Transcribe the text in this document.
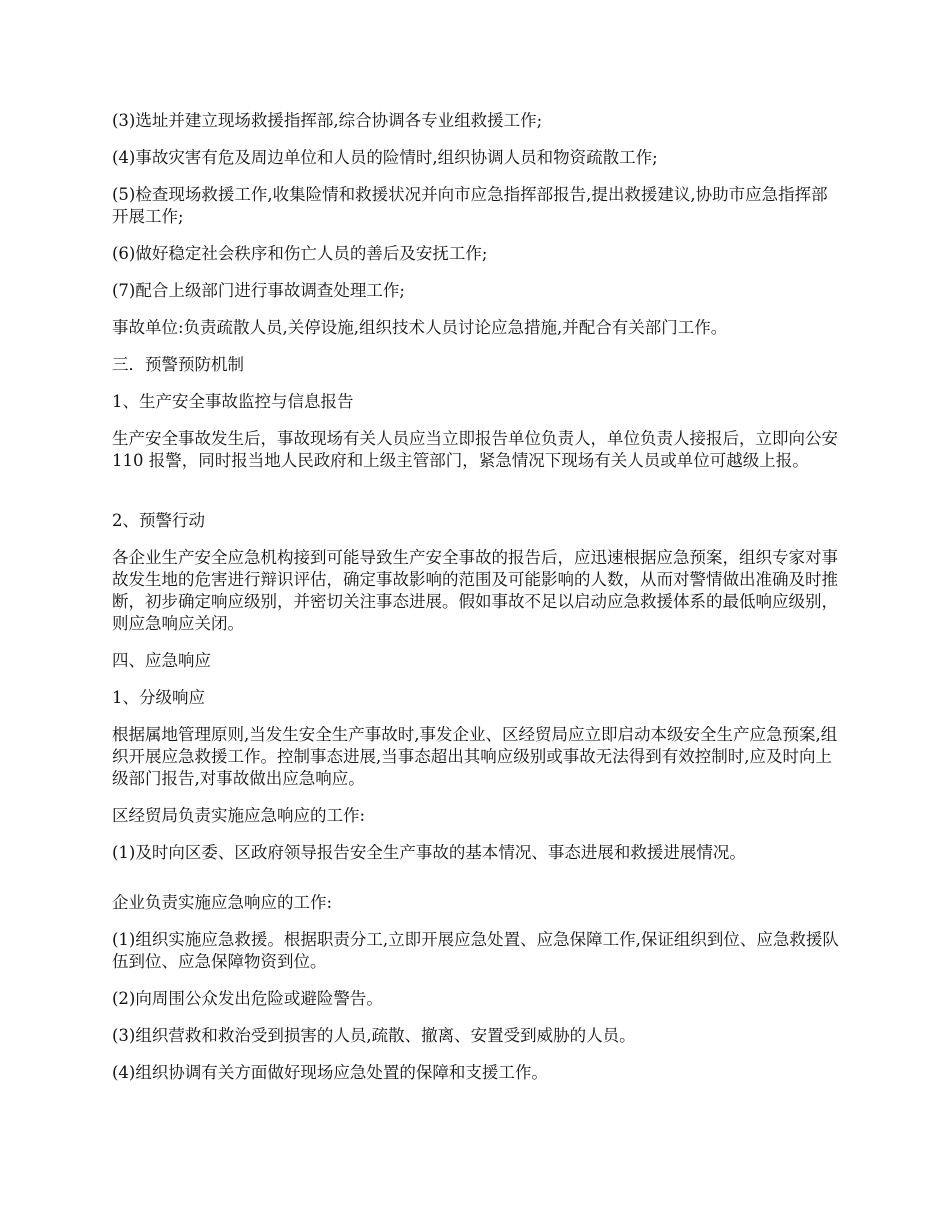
(3)选址并建立现场救援指挥部,综合协调各专业组救援工作;

(4)事故灾害有危及周边单位和人员的险情时,组织协调人员和物资疏散工作;

(5)检查现场救援工作,收集险情和救援状况并向市应急指挥部报告,提出救援建议,协助市应急指挥部开展工作;

(6)做好稳定社会秩序和伤亡人员的善后及安抚工作;

(7)配合上级部门进行事故调查处理工作;

事故单位:负责疏散人员,关停设施,组织技术人员讨论应急措施,并配合有关部门工作。

三．预警预防机制

1、生产安全事故监控与信息报告

生产安全事故发生后，事故现场有关人员应当立即报告单位负责人，单位负责人接报后，立即向公安 110 报警，同时报当地人民政府和上级主管部门，紧急情况下现场有关人员或单位可越级上报。

2、预警行动

各企业生产安全应急机构接到可能导致生产安全事故的报告后，应迅速根据应急预案，组织专家对事故发生地的危害进行辩识评估，确定事故影响的范围及可能影响的人数，从而对警情做出准确及时推断，初步确定响应级别，并密切关注事态进展。假如事故不足以启动应急救援体系的最低响应级别，则应急响应关闭。

四、应急响应

1、分级响应

根据属地管理原则,当发生安全生产事故时,事发企业、区经贸局应立即启动本级安全生产应急预案,组织开展应急救援工作。控制事态进展,当事态超出其响应级别或事故无法得到有效控制时,应及时向上级部门报告,对事故做出应急响应。

区经贸局负责实施应急响应的工作:

(1)及时向区委、区政府领导报告安全生产事故的基本情况、事态进展和救援进展情况。

企业负责实施应急响应的工作:

(1)组织实施应急救援。根据职责分工,立即开展应急处置、应急保障工作,保证组织到位、应急救援队伍到位、应急保障物资到位。

(2)向周围公众发出危险或避险警告。

(3)组织营救和救治受到损害的人员,疏散、撤离、安置受到威胁的人员。

(4)组织协调有关方面做好现场应急处置的保障和支援工作。
